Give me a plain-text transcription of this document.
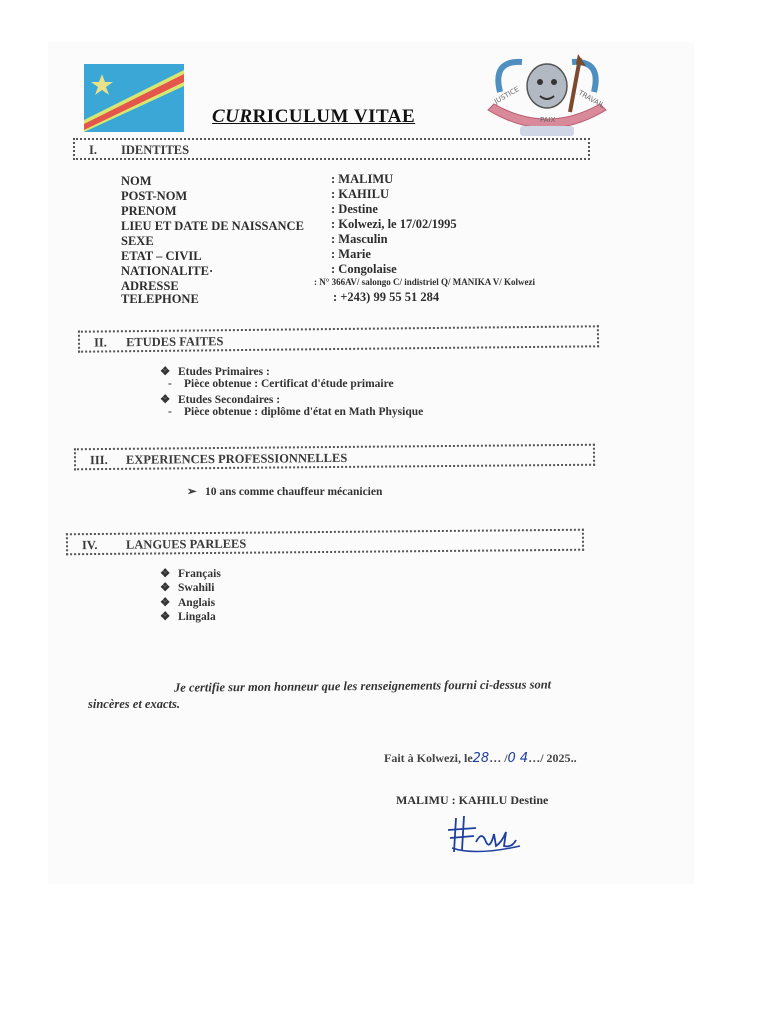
JUSTICE
PAIX
TRAVAIL
CURRICULUM VITAE
I. IDENTITES
NOM	: MALIMU
POST-NOM	: KAHILU
PRENOM	: Destine
LIEU ET DATE DE NAISSANCE : Kolwezi, le 17/02/1995
SEXE	: Masculin
ETAT – CIVIL	: Marie
NATIONALITE·	: Congolaise
ADRESSE	: N° 366AV/ salongo C/ indistriel Q/ MANIKA V/ Kolwezi
TELEPHONE	: +243) 99 55 51 284
II. ETUDES FAITES
❖ Etudes Primaires :
- Pièce obtenue : Certificat d'étude primaire
❖ Etudes Secondaires :
- Pièce obtenue : diplôme d'état en Math Physique
III. EXPERIENCES PROFESSIONNELLES
➢ 10 ans comme chauffeur mécanicien
IV. LANGUES PARLEES
❖ Français
❖ Swahili
❖ Anglais
❖ Lingala
Je certifie sur mon honneur que les renseignements fourni ci-dessus sont
sincères et exacts.
Fait à Kolwezi, le28… /0 4…/ 2025..
MALIMU : KAHILU Destine
